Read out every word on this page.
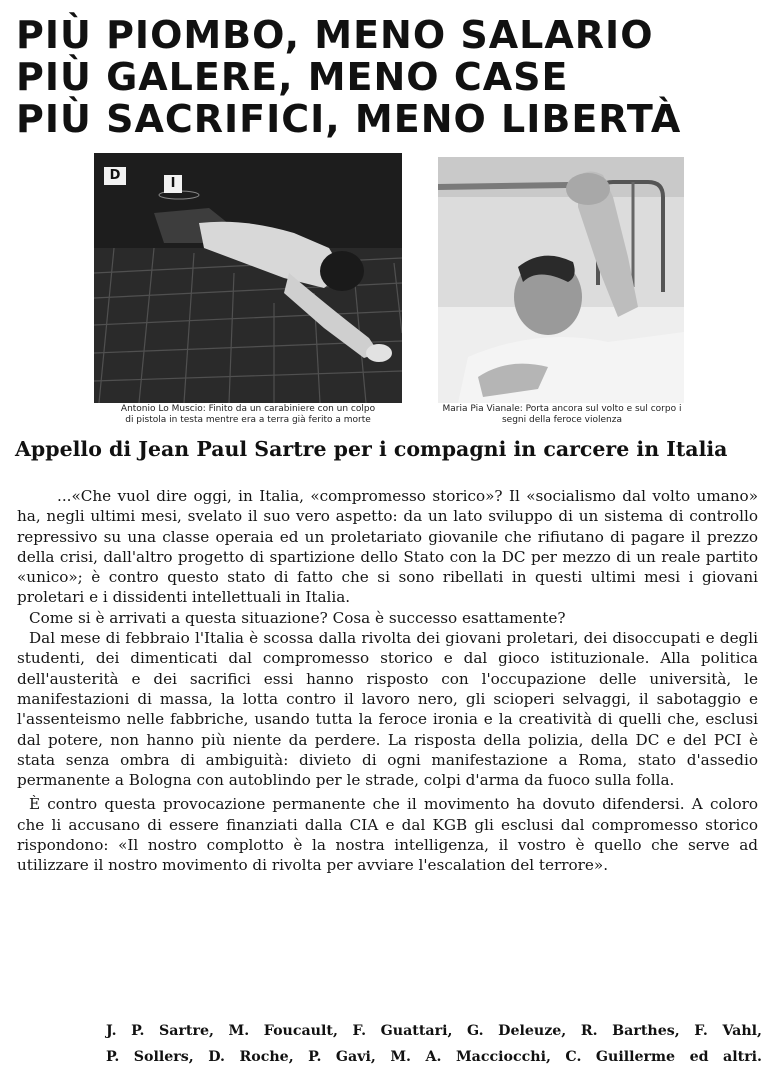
PIÙ PIOMBO, MENO SALARIO
PIÙ GALERE, MENO CASE
PIÙ SACRIFICI, MENO LIBERTÀ
D
I
Antonio Lo Muscio: Finito da un carabiniere con un colpo
di pistola in testa mentre era a terra già ferito a morte
Maria Pia Vianale: Porta ancora sul volto e sul corpo i
segni della feroce violenza
Appello di Jean Paul Sartre per i compagni in carcere in Italia

...«Che vuol dire oggi, in Italia, «compromesso storico»? Il «socialismo dal volto umano» ha, negli ultimi mesi, svelato il suo vero aspetto: da un lato sviluppo di un sistema di controllo repressivo su una classe operaia ed un proletariato giovanile che rifiutano di pagare il prezzo della crisi, dall'altro progetto di spartizione dello Stato con la DC per mezzo di un reale partito «unico»; è contro questo stato di fatto che si sono ribellati in questi ultimi mesi i giovani proletari e i dissidenti intellettuali in Italia.

Come si è arrivati a questa situazione? Cosa è successo esattamente?

Dal mese di febbraio l'Italia è scossa dalla rivolta dei giovani proletari, dei disoccupati e degli studenti, dei dimenticati dal compromesso storico e dal gioco istituzionale. Alla politica dell'austerità e dei sacrifici essi hanno risposto con l'occupazione delle università, le manifestazioni di massa, la lotta contro il lavoro nero, gli scioperi selvaggi, il sabotaggio e l'assenteismo nelle fabbriche, usando tutta la feroce ironia e la creatività di quelli che, esclusi dal potere, non hanno più niente da perdere. La risposta della polizia, della DC e del PCI è stata senza ombra di ambiguità: divieto di ogni manifestazione a Roma, stato d'assedio permanente a Bologna con autoblindo per le strade, colpi d'arma da fuoco sulla folla.

È contro questa provocazione permanente che il movimento ha dovuto difendersi. A coloro che li accusano di essere finanziati dalla CIA e dal KGB gli esclusi dal compromesso storico rispondono: «Il nostro complotto è la nostra intelligenza, il vostro è quello che serve ad utilizzare il nostro movimento di rivolta per avviare l'escalation del terrore».

J. P. Sartre, M. Foucault, F. Guattari, G. Deleuze, R. Barthes, F. Vahl,
P. Sollers, D. Roche, P. Gavi, M. A. Macciocchi, C. Guillerme ed altri.
